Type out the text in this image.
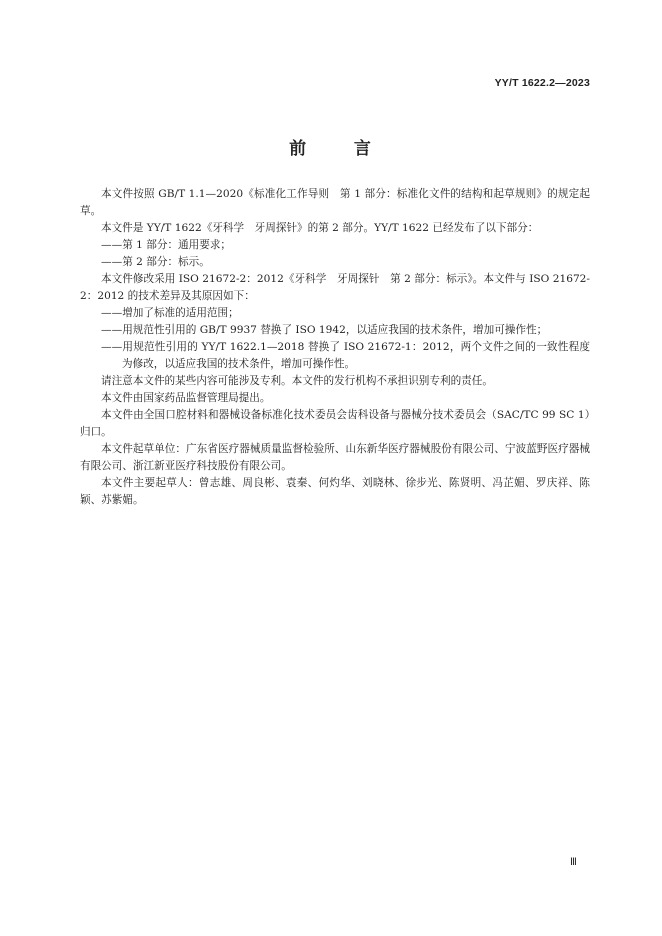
YY/T 1622.2—2023
前	言

本文件按照 GB/T 1.1—2020《标准化工作导则　第 1 部分：标准化文件的结构和起草规则》的规定起草。

本文件是 YY/T 1622《牙科学　牙周探针》的第 2 部分。YY/T 1622 已经发布了以下部分：

——第 1 部分：通用要求；

——第 2 部分：标示。

本文件修改采用 ISO 21672-2：2012《牙科学　牙周探针　第 2 部分：标示》。本文件与 ISO 21672-2：2012 的技术差异及其原因如下：

——增加了标准的适用范围；

——用规范性引用的 GB/T 9937 替换了 ISO 1942，以适应我国的技术条件，增加可操作性；

——用规范性引用的 YY/T 1622.1—2018 替换了 ISO 21672-1：2012，两个文件之间的一致性程度为修改，以适应我国的技术条件，增加可操作性。

请注意本文件的某些内容可能涉及专利。本文件的发行机构不承担识别专利的责任。

本文件由国家药品监督管理局提出。

本文件由全国口腔材料和器械设备标准化技术委员会齿科设备与器械分技术委员会（SAC/TC 99 SC 1）归口。

本文件起草单位：广东省医疗器械质量监督检验所、山东新华医疗器械股份有限公司、宁波蓝野医疗器械有限公司、浙江新亚医疗科技股份有限公司。

本文件主要起草人：曾志雄、周良彬、袁秦、何灼华、刘晓林、徐步光、陈贤明、冯芷媚、罗庆祥、陈颖、苏紫媚。

Ⅲ
